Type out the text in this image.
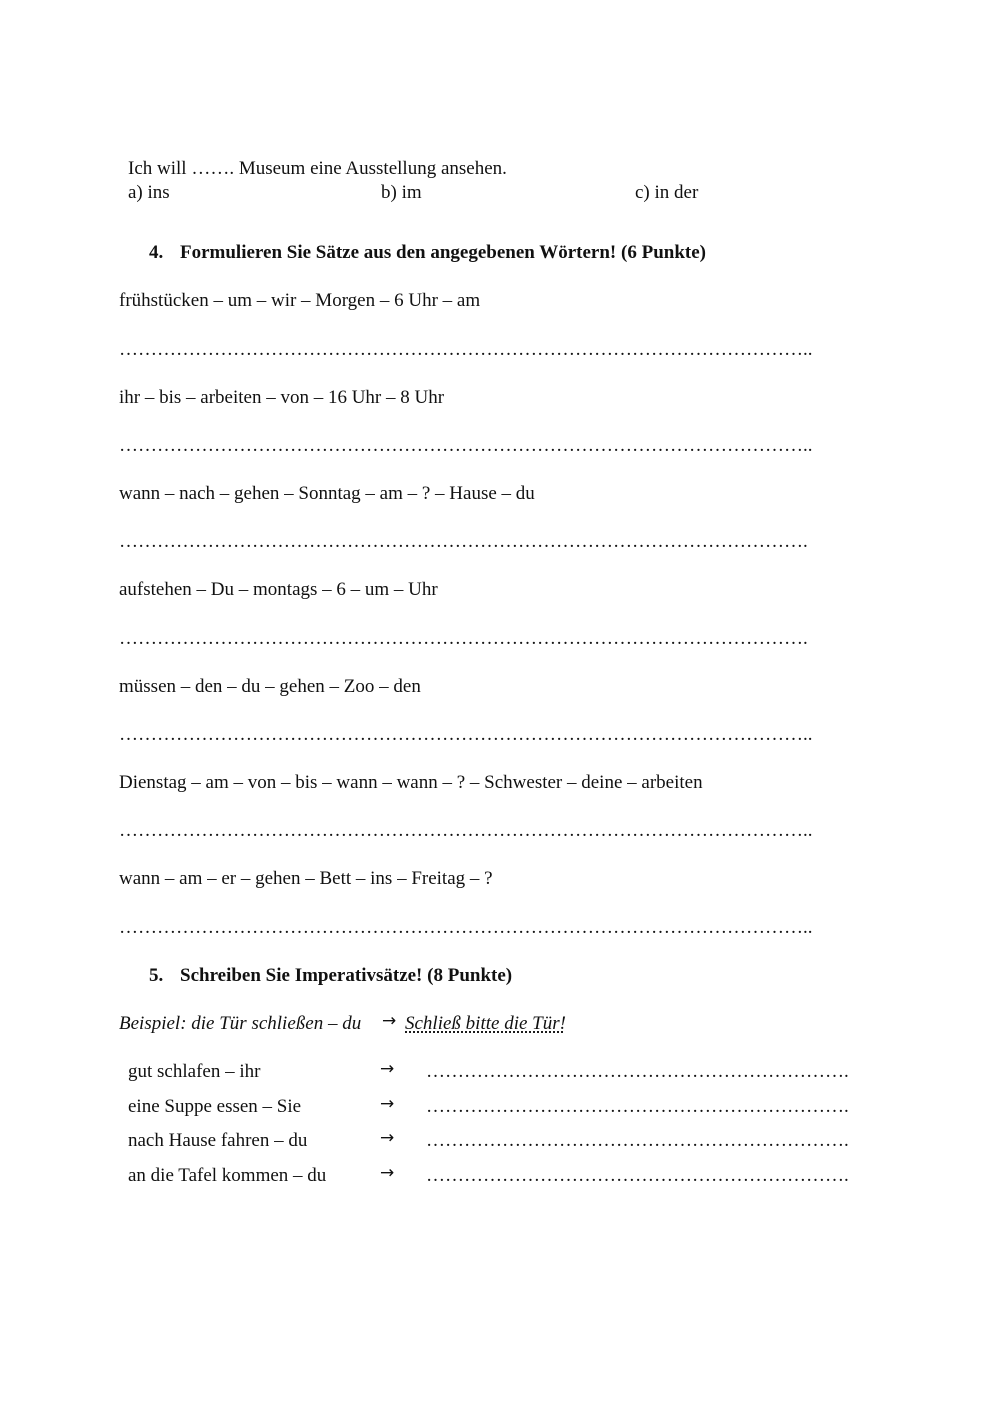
Ich will ……. Museum eine Ausstellung ansehen.
a) ins	b) im	c) in der
4. Formulieren Sie Sätze aus den angegebenen Wörtern! (6 Punkte)
frühstücken – um – wir – Morgen – 6 Uhr – am
………………………………………………………………………………………………..
ihr – bis – arbeiten – von – 16 Uhr – 8 Uhr
………………………………………………………………………………………………..
wann – nach – gehen – Sonntag – am – ? – Hause – du
……………………………………………………………………………………………….
aufstehen – Du – montags – 6 – um – Uhr
……………………………………………………………………………………………….
müssen – den – du – gehen – Zoo – den
………………………………………………………………………………………………..
Dienstag – am – von – bis – wann – wann – ? – Schwester – deine – arbeiten
………………………………………………………………………………………………..
wann – am – er – gehen – Bett – ins – Freitag – ?
………………………………………………………………………………………………..
5. Schreiben Sie Imperativsätze! (8 Punkte)
Beispiel: die Tür schließen – du → Schließ bitte die Tür!
gut schlafen – ihr	→ ………………………………………………………….
eine Suppe essen – Sie	→ ………………………………………………………….
nach Hause fahren – du	→ ………………………………………………………….
an die Tafel kommen – du	→ ………………………………………………………….
